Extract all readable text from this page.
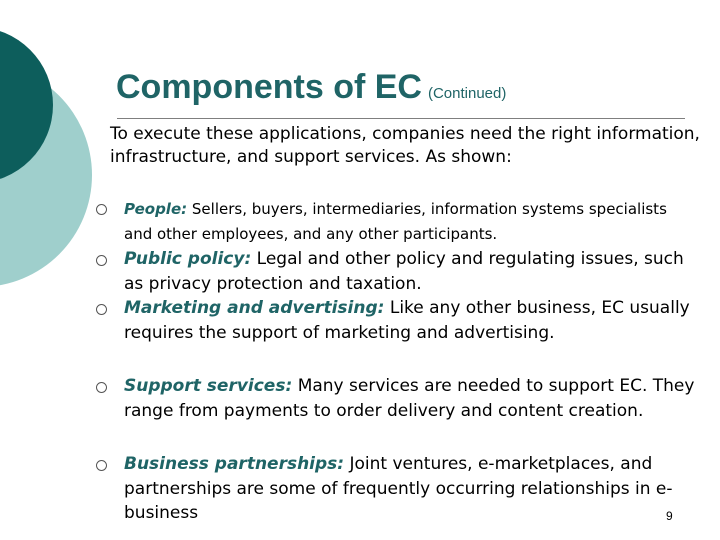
Components of EC (Continued)

To execute these applications, companies need the right information, infrastructure, and support services. As shown:

People: Sellers, buyers, intermediaries, information systems specialists and other employees, and any other participants.

Public policy: Legal and other policy and regulating issues, such as privacy protection and taxation.

Marketing and advertising: Like any other business, EC usually requires the support of marketing and advertising.

Support services: Many services are needed to support EC. They range from payments to order delivery and content creation.

Business partnerships: Joint ventures, e-marketplaces, and partnerships are some of frequently occurring relationships in e-business	9
